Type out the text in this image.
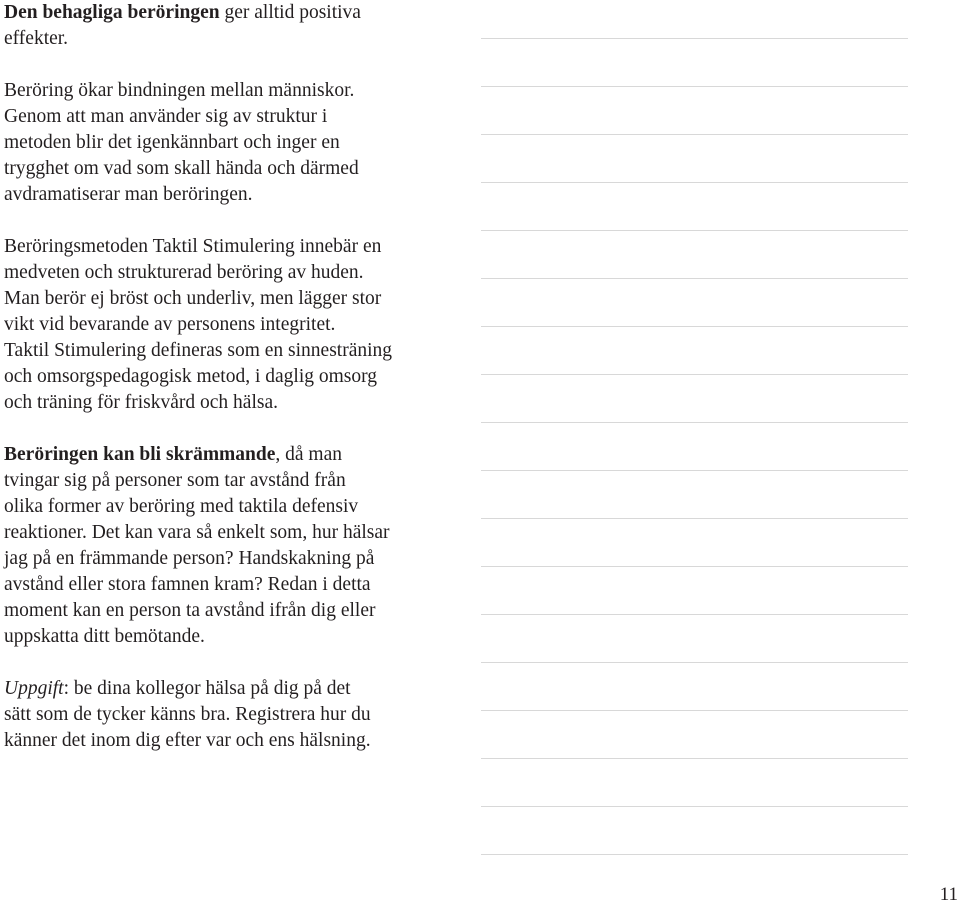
Den behagliga beröringen ger alltid positiva
effekter.

Beröring ökar bindningen mellan människor.
Genom att man använder sig av struktur i
metoden blir det igenkännbart och inger en
trygghet om vad som skall hända och därmed
avdramatiserar man beröringen.

Beröringsmetoden Taktil Stimulering innebär en
medveten och strukturerad beröring av huden.
Man berör ej bröst och underliv, men lägger stor
vikt vid bevarande av personens integritet.
Taktil Stimulering defineras som en sinnesträning
och omsorgspedagogisk metod, i daglig omsorg
och träning för friskvård och hälsa.

Beröringen kan bli skrämmande, då man
tvingar sig på personer som tar avstånd från
olika former av beröring med taktila defensiv
reaktioner. Det kan vara så enkelt som, hur hälsar
jag på en främmande person? Handskakning på
avstånd eller stora famnen kram? Redan i detta
moment kan en person ta avstånd ifrån dig eller
uppskatta ditt bemötande.

Uppgift: be dina kollegor hälsa på dig på det
sätt som de tycker känns bra. Registrera hur du
känner det inom dig efter var och ens hälsning.

11
